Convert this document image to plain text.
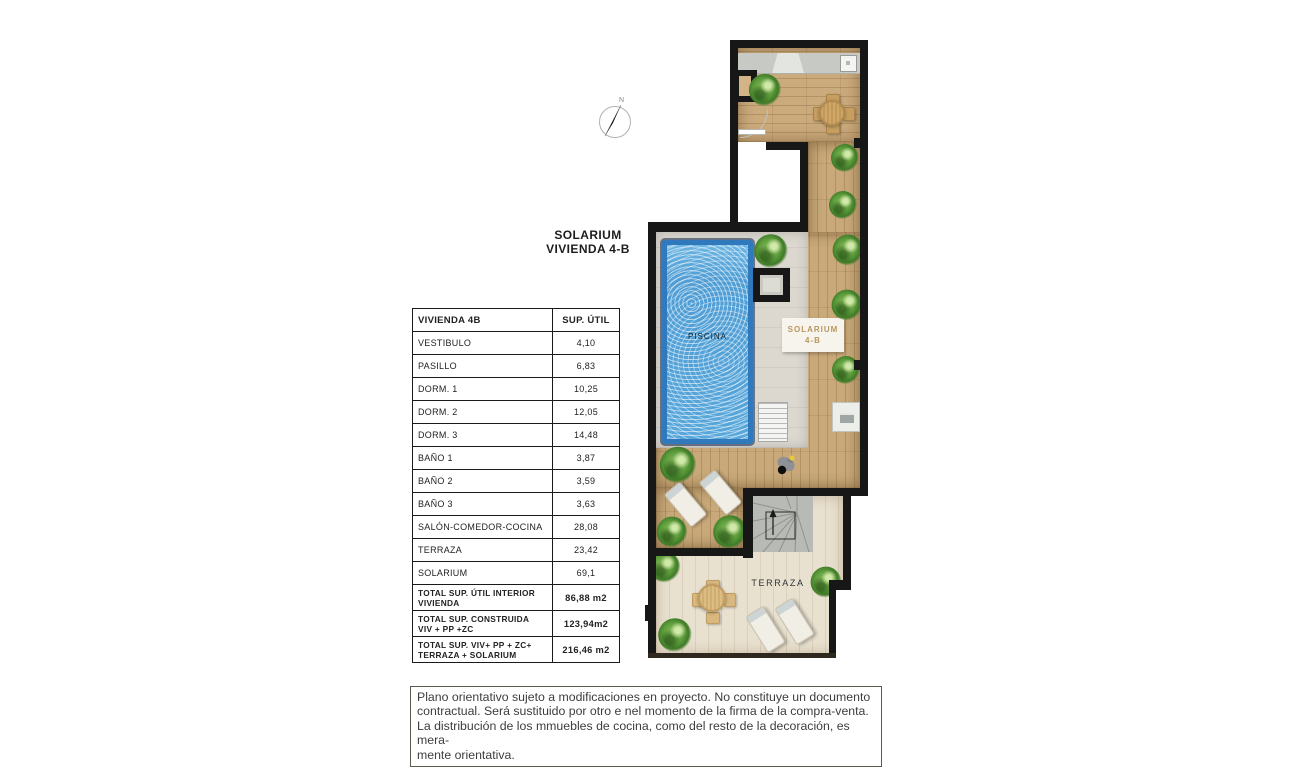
N
SOLARIUM
VIVIENDA 4-B
VIVIENDA 4B	SUP. ÚTIL
VESTIBULO	4,10
PASILLO	6,83
DORM. 1	10,25
DORM. 2	12,05
DORM. 3	14,48
BAÑO 1	3,87
BAÑO 2	3,59
BAÑO 3	3,63
SALÓN-COMEDOR-COCINA	28,08
TERRAZA	23,42
SOLARIUM	69,1

TOTAL SUP. ÚTIL INTERIOR
VIVIENDA	86,88 m2

TOTAL SUP. CONSTRUIDA
VIV + PP +ZC	123,94m2

TOTAL SUP. VIV+ PP + ZC+
TERRAZA + SOLARIUM	216,46 m2
PISCINA
SOLARIUM
4-B
TERRAZA
Plano orientativo sujeto a modificaciones en proyecto. No constituye un documento
contractual. Será sustituido por otro e nel momento de la firma de la compra-venta.
La distribución de los mmuebles de cocina, como del resto de la decoración, es mera-
mente orientativa.
